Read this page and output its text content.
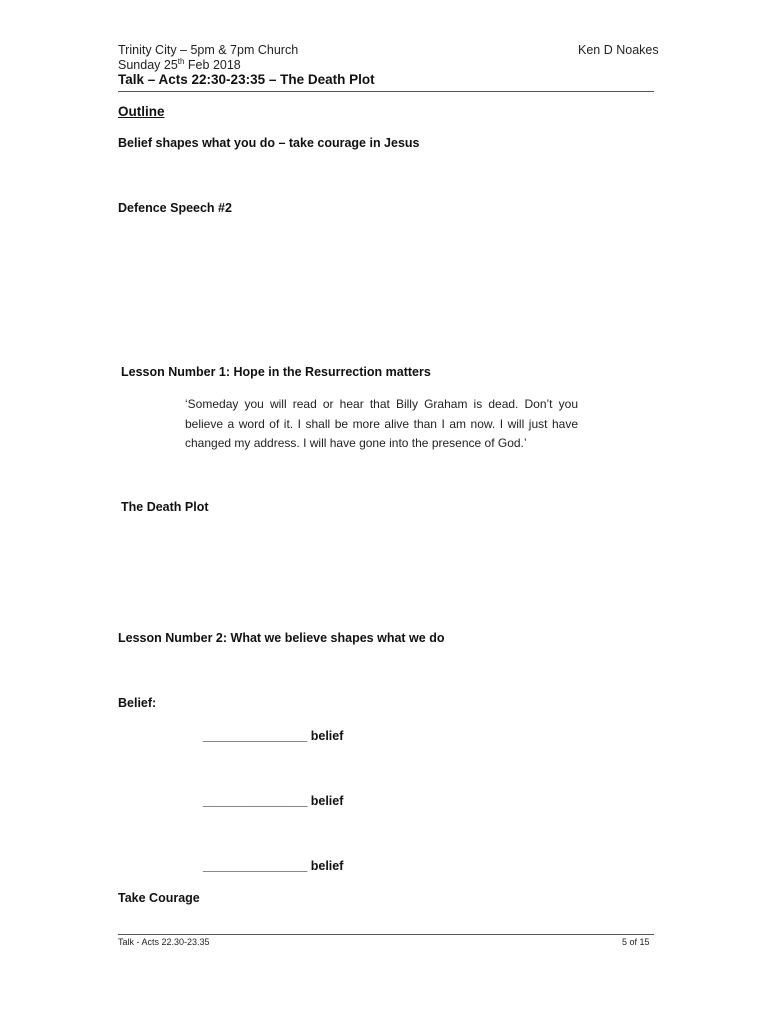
Trinity City – 5pm & 7pm Church	Ken D Noakes
Sunday 25th Feb 2018
Talk – Acts 22:30-23:35 – The Death Plot
Outline
Belief shapes what you do – take courage in Jesus
Defence Speech #2
Lesson Number 1: Hope in the Resurrection matters
‘Someday you will read or hear that Billy Graham is dead. Don’t you believe a word of it. I shall be more alive than I am now. I will just have changed my address. I will have gone into the presence of God.’
The Death Plot
Lesson Number 2: What we believe shapes what we do
Belief:
_______________ belief
_______________ belief
_______________ belief
Take Courage
Talk - Acts 22.30-23.35	5 of 15
